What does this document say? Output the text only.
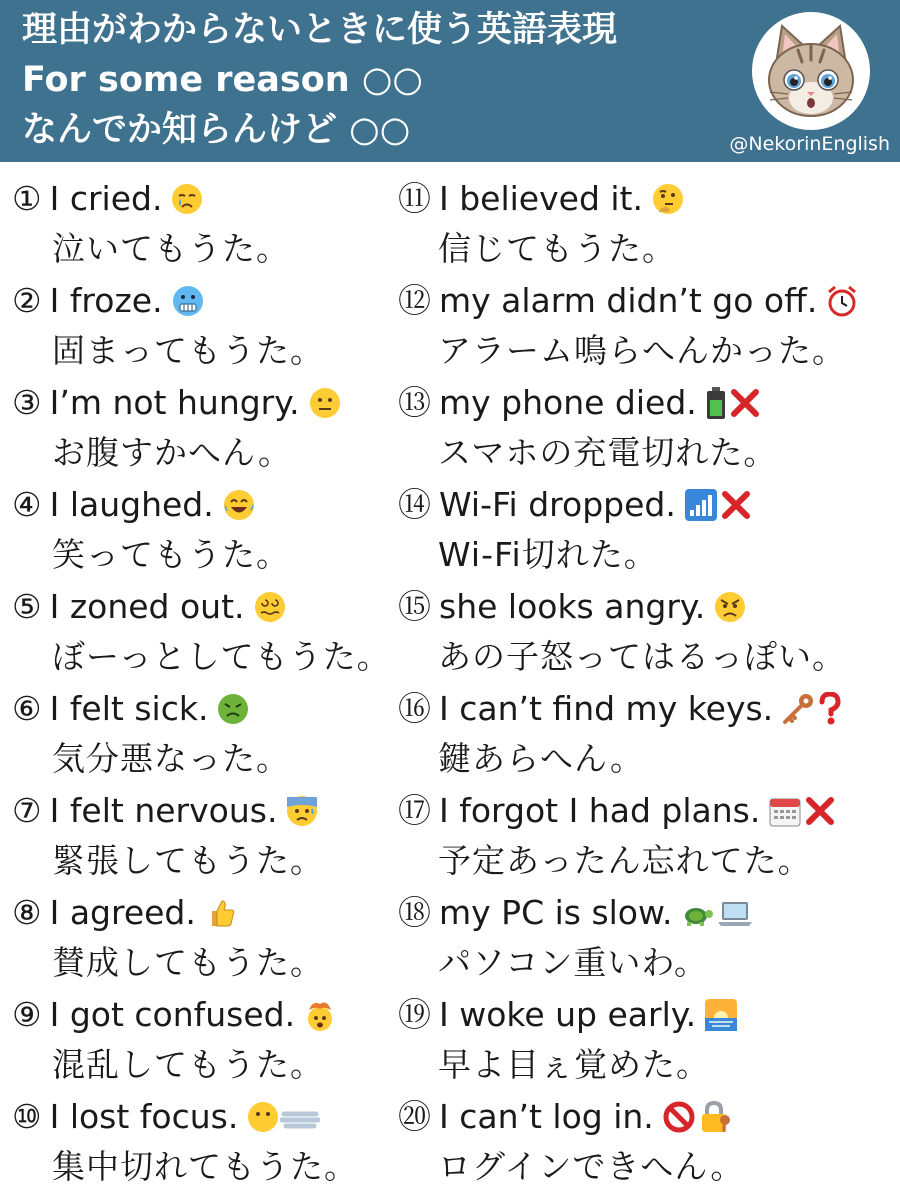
理由がわからないときに使う英語表現
For some reason ○○
なんでか知らんけど ○○	@NekorinEnglish
① I cried.
泣いてもうた。
② I froze.
固まってもうた。
③ I’m not hungry.
お腹すかへん。
④ I laughed.
笑ってもうた。
⑤ I zoned out.
ぼーっとしてもうた。
⑥ I felt sick.
気分悪なった。
⑦ I felt nervous.
緊張してもうた。
⑧ I agreed.
賛成してもうた。
⑨ I got confused.
混乱してもうた。
⑩ I lost focus.
集中切れてもうた。
⑪ I believed it.
信じてもうた。
⑫ my alarm didn’t go off.
アラーム鳴らへんかった。
⑬ my phone died.
スマホの充電切れた。
⑭ Wi-Fi dropped.
Wi-Fi切れた。
⑮ she looks angry.
あの子怒ってはるっぽい。
⑯ I can’t find my keys.
鍵あらへん。
⑰ I forgot I had plans.
予定あったん忘れてた。
⑱ my PC is slow.
パソコン重いわ。
⑲ I woke up early.
早よ目ぇ覚めた。
⑳ I can’t log in.
ログインできへん。
